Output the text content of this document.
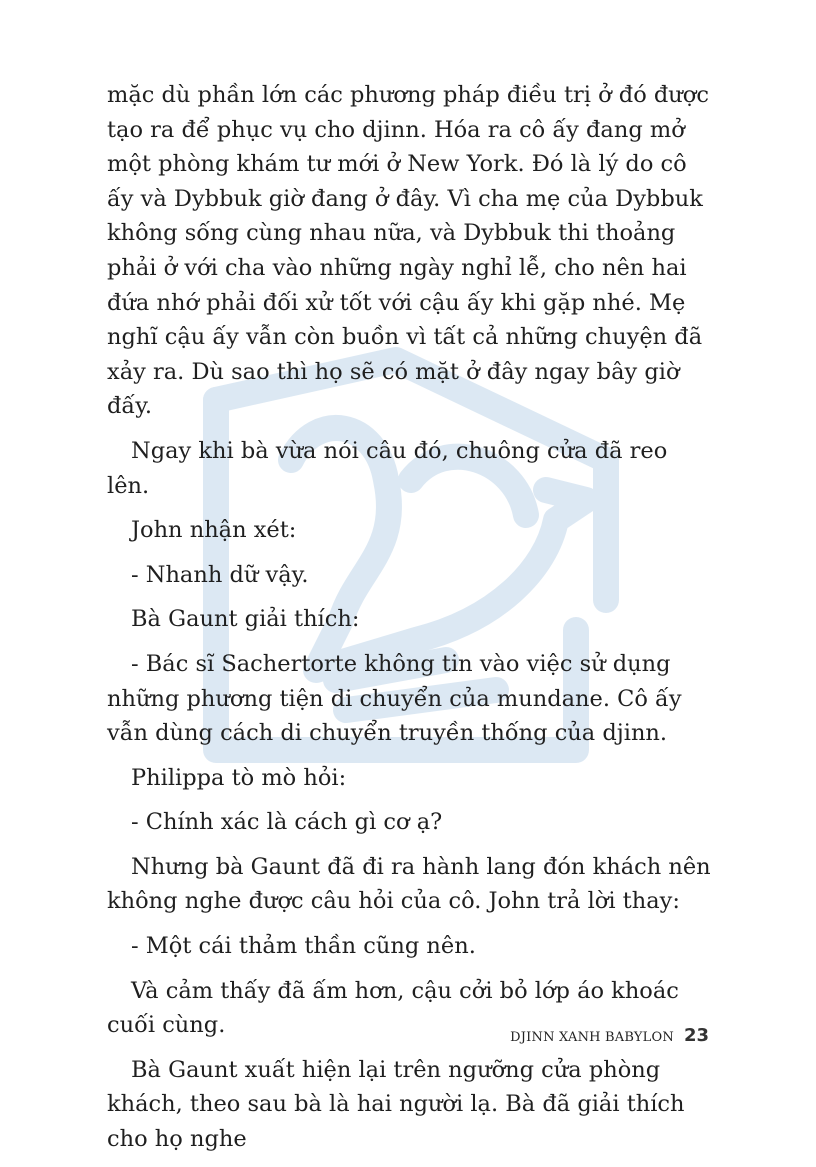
mặc dù phần lớn các phương pháp điều trị ở đó được tạo ra để phục vụ cho djinn. Hóa ra cô ấy đang mở một phòng khám tư mới ở New York. Đó là lý do cô ấy và Dybbuk giờ đang ở đây. Vì cha mẹ của Dybbuk không sống cùng nhau nữa, và Dybbuk thi thoảng phải ở với cha vào những ngày nghỉ lễ, cho nên hai đứa nhớ phải đối xử tốt với cậu ấy khi gặp nhé. Mẹ nghĩ cậu ấy vẫn còn buồn vì tất cả những chuyện đã xảy ra. Dù sao thì họ sẽ có mặt ở đây ngay bây giờ đấy.

Ngay khi bà vừa nói câu đó, chuông cửa đã reo lên.

John nhận xét:

- Nhanh dữ vậy.

Bà Gaunt giải thích:

- Bác sĩ Sachertorte không tin vào việc sử dụng những phương tiện di chuyển của mundane. Cô ấy vẫn dùng cách di chuyển truyền thống của djinn.

Philippa tò mò hỏi:

- Chính xác là cách gì cơ ạ?

Nhưng bà Gaunt đã đi ra hành lang đón khách nên không nghe được câu hỏi của cô. John trả lời thay:

- Một cái thảm thần cũng nên.

Và cảm thấy đã ấm hơn, cậu cởi bỏ lớp áo khoác cuối cùng.

Bà Gaunt xuất hiện lại trên ngưỡng cửa phòng khách, theo sau bà là hai người lạ. Bà đã giải thích cho họ nghe

DJINN XANH BABYLON 23
